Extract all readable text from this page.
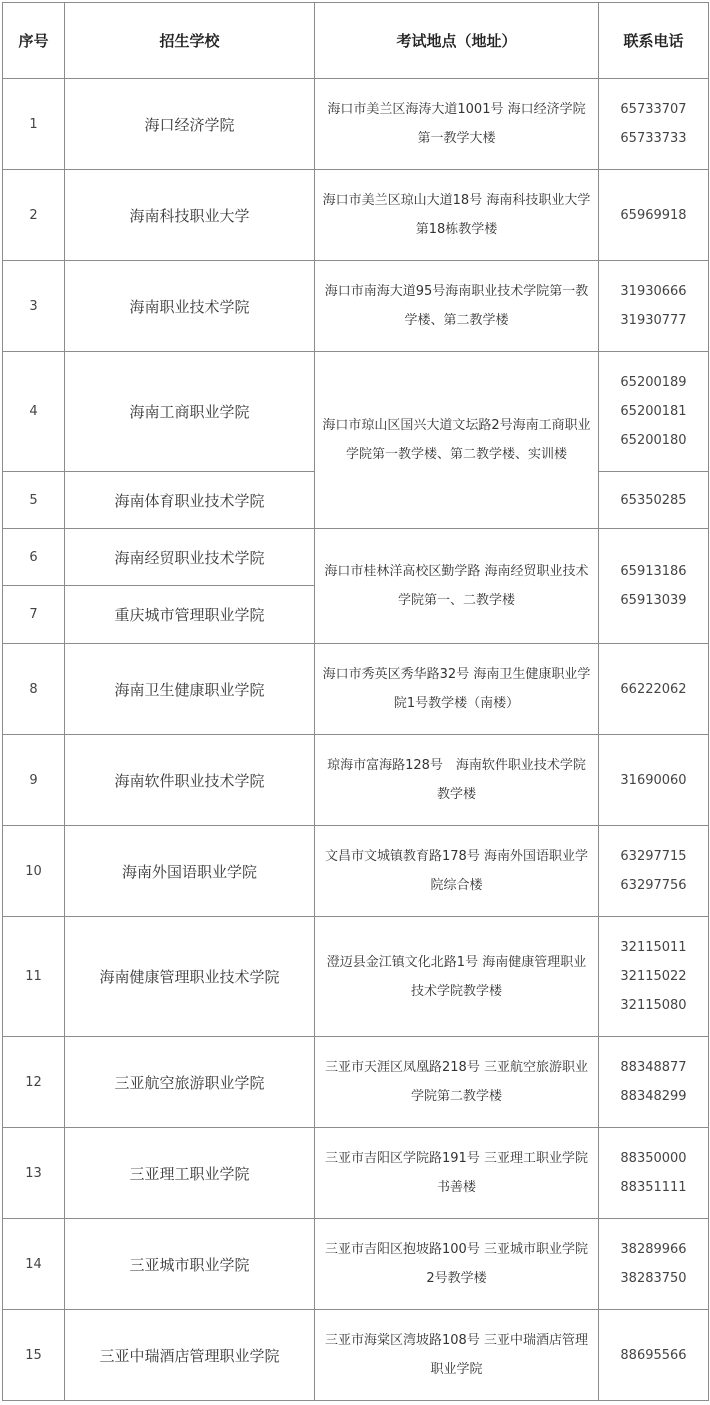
序号	招生学校	考试地点（地址）	联系电话
1	海口经济学院	海口市美兰区海涛大道1001号 海口经济学院第一教学大楼	65733707
65733733

2	海南科技职业大学	海口市美兰区琼山大道18号 海南科技职业大学第18栋教学楼	65969918

3	海南职业技术学院	海口市南海大道95号海南职业技术学院第一教学楼、第二教学楼	31930666
31930777

4	海南工商职业学院	海口市琼山区国兴大道文坛路2号海南工商职业学院第一教学楼、第二教学楼、实训楼	65200189
65200181
65200180

5	海南体育职业技术学院		65350285

6	海南经贸职业技术学院	海口市桂林洋高校区勤学路 海南经贸职业技术学院第一、二教学楼	65913186
65913039

7	重庆城市管理职业学院		
8	海南卫生健康职业学院	海口市秀英区秀华路32号 海南卫生健康职业学院1号教学楼（南楼）	66222062

9	海南软件职业技术学院	琼海市富海路128号　海南软件职业技术学院教学楼	31690060

10	海南外国语职业学院	文昌市文城镇教育路178号 海南外国语职业学院综合楼	63297715
63297756

11	海南健康管理职业技术学院	澄迈县金江镇文化北路1号 海南健康管理职业技术学院教学楼	32115011
32115022
32115080

12	三亚航空旅游职业学院	三亚市天涯区凤凰路218号 三亚航空旅游职业学院第二教学楼	88348877
88348299

13	三亚理工职业学院	三亚市吉阳区学院路191号 三亚理工职业学院书善楼	88350000
88351111

14	三亚城市职业学院	三亚市吉阳区抱坡路100号 三亚城市职业学院2号教学楼	38289966
38283750

15	三亚中瑞酒店管理职业学院	三亚市海棠区湾坡路108号 三亚中瑞酒店管理职业学院	88695566
